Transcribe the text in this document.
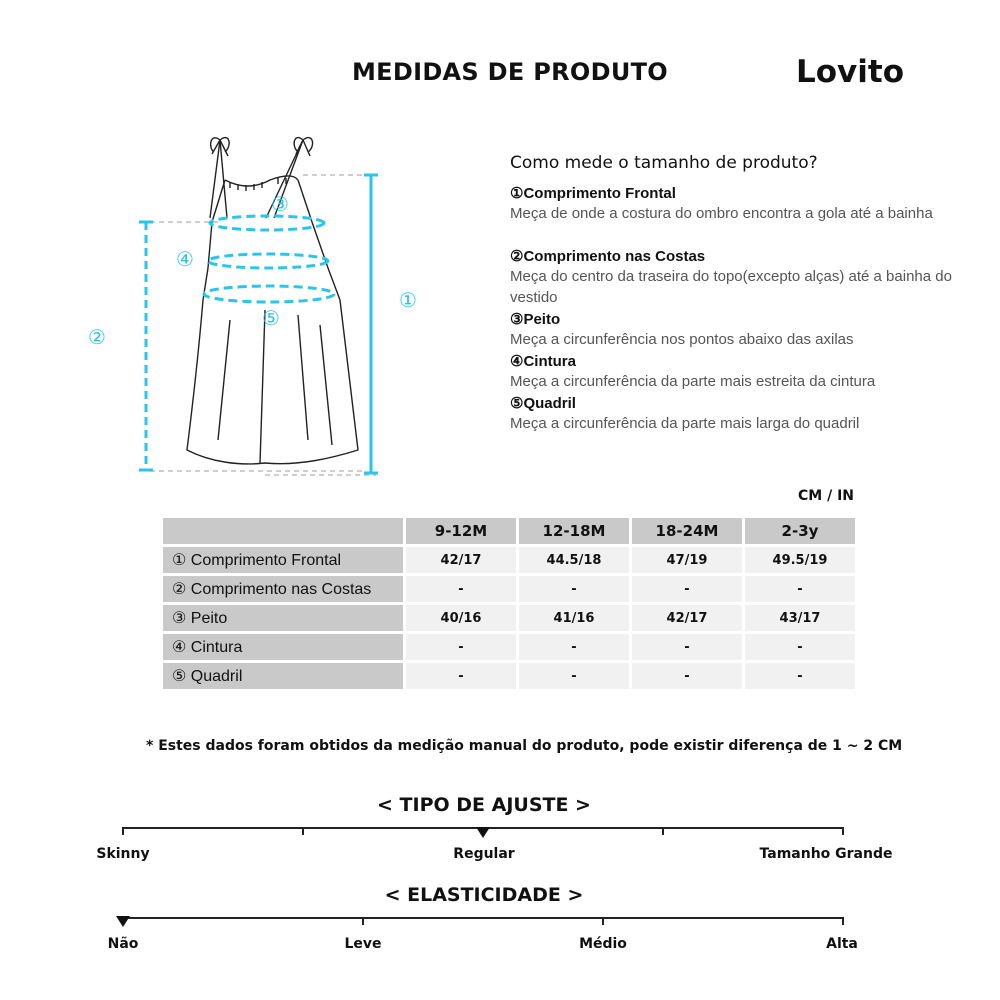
MEDIDAS DE PRODUTO	Lovito
①
②
③
④
⑤
Como mede o tamanho de produto?
①Comprimento Frontal
Meça de onde a costura do ombro encontra a gola até a bainha
②Comprimento nas Costas
Meça do centro da traseira do topo(excepto alças) até a bainha do vestido
③Peito
Meça a circunferência nos pontos abaixo das axilas
④Cintura
Meça a circunferência da parte mais estreita da cintura
⑤Quadril
Meça a circunferência da parte mais larga do quadril
CM / IN
	9-12M	12-18M	18-24M	2-3y
① Comprimento Frontal	42/17	44.5/18	47/19	49.5/19
② Comprimento nas Costas	-	-	-	-
③ Peito	40/16	41/16	42/17	43/17
④ Cintura	-	-	-	-
⑤ Quadril	-	-	-	-
* Estes dados foram obtidos da medição manual do produto, pode existir diferença de 1 ~ 2 CM
< TIPO DE AJUSTE >
Skinny	Regular	Tamanho Grande
< ELASTICIDADE >
Não	Leve	Médio	Alta
